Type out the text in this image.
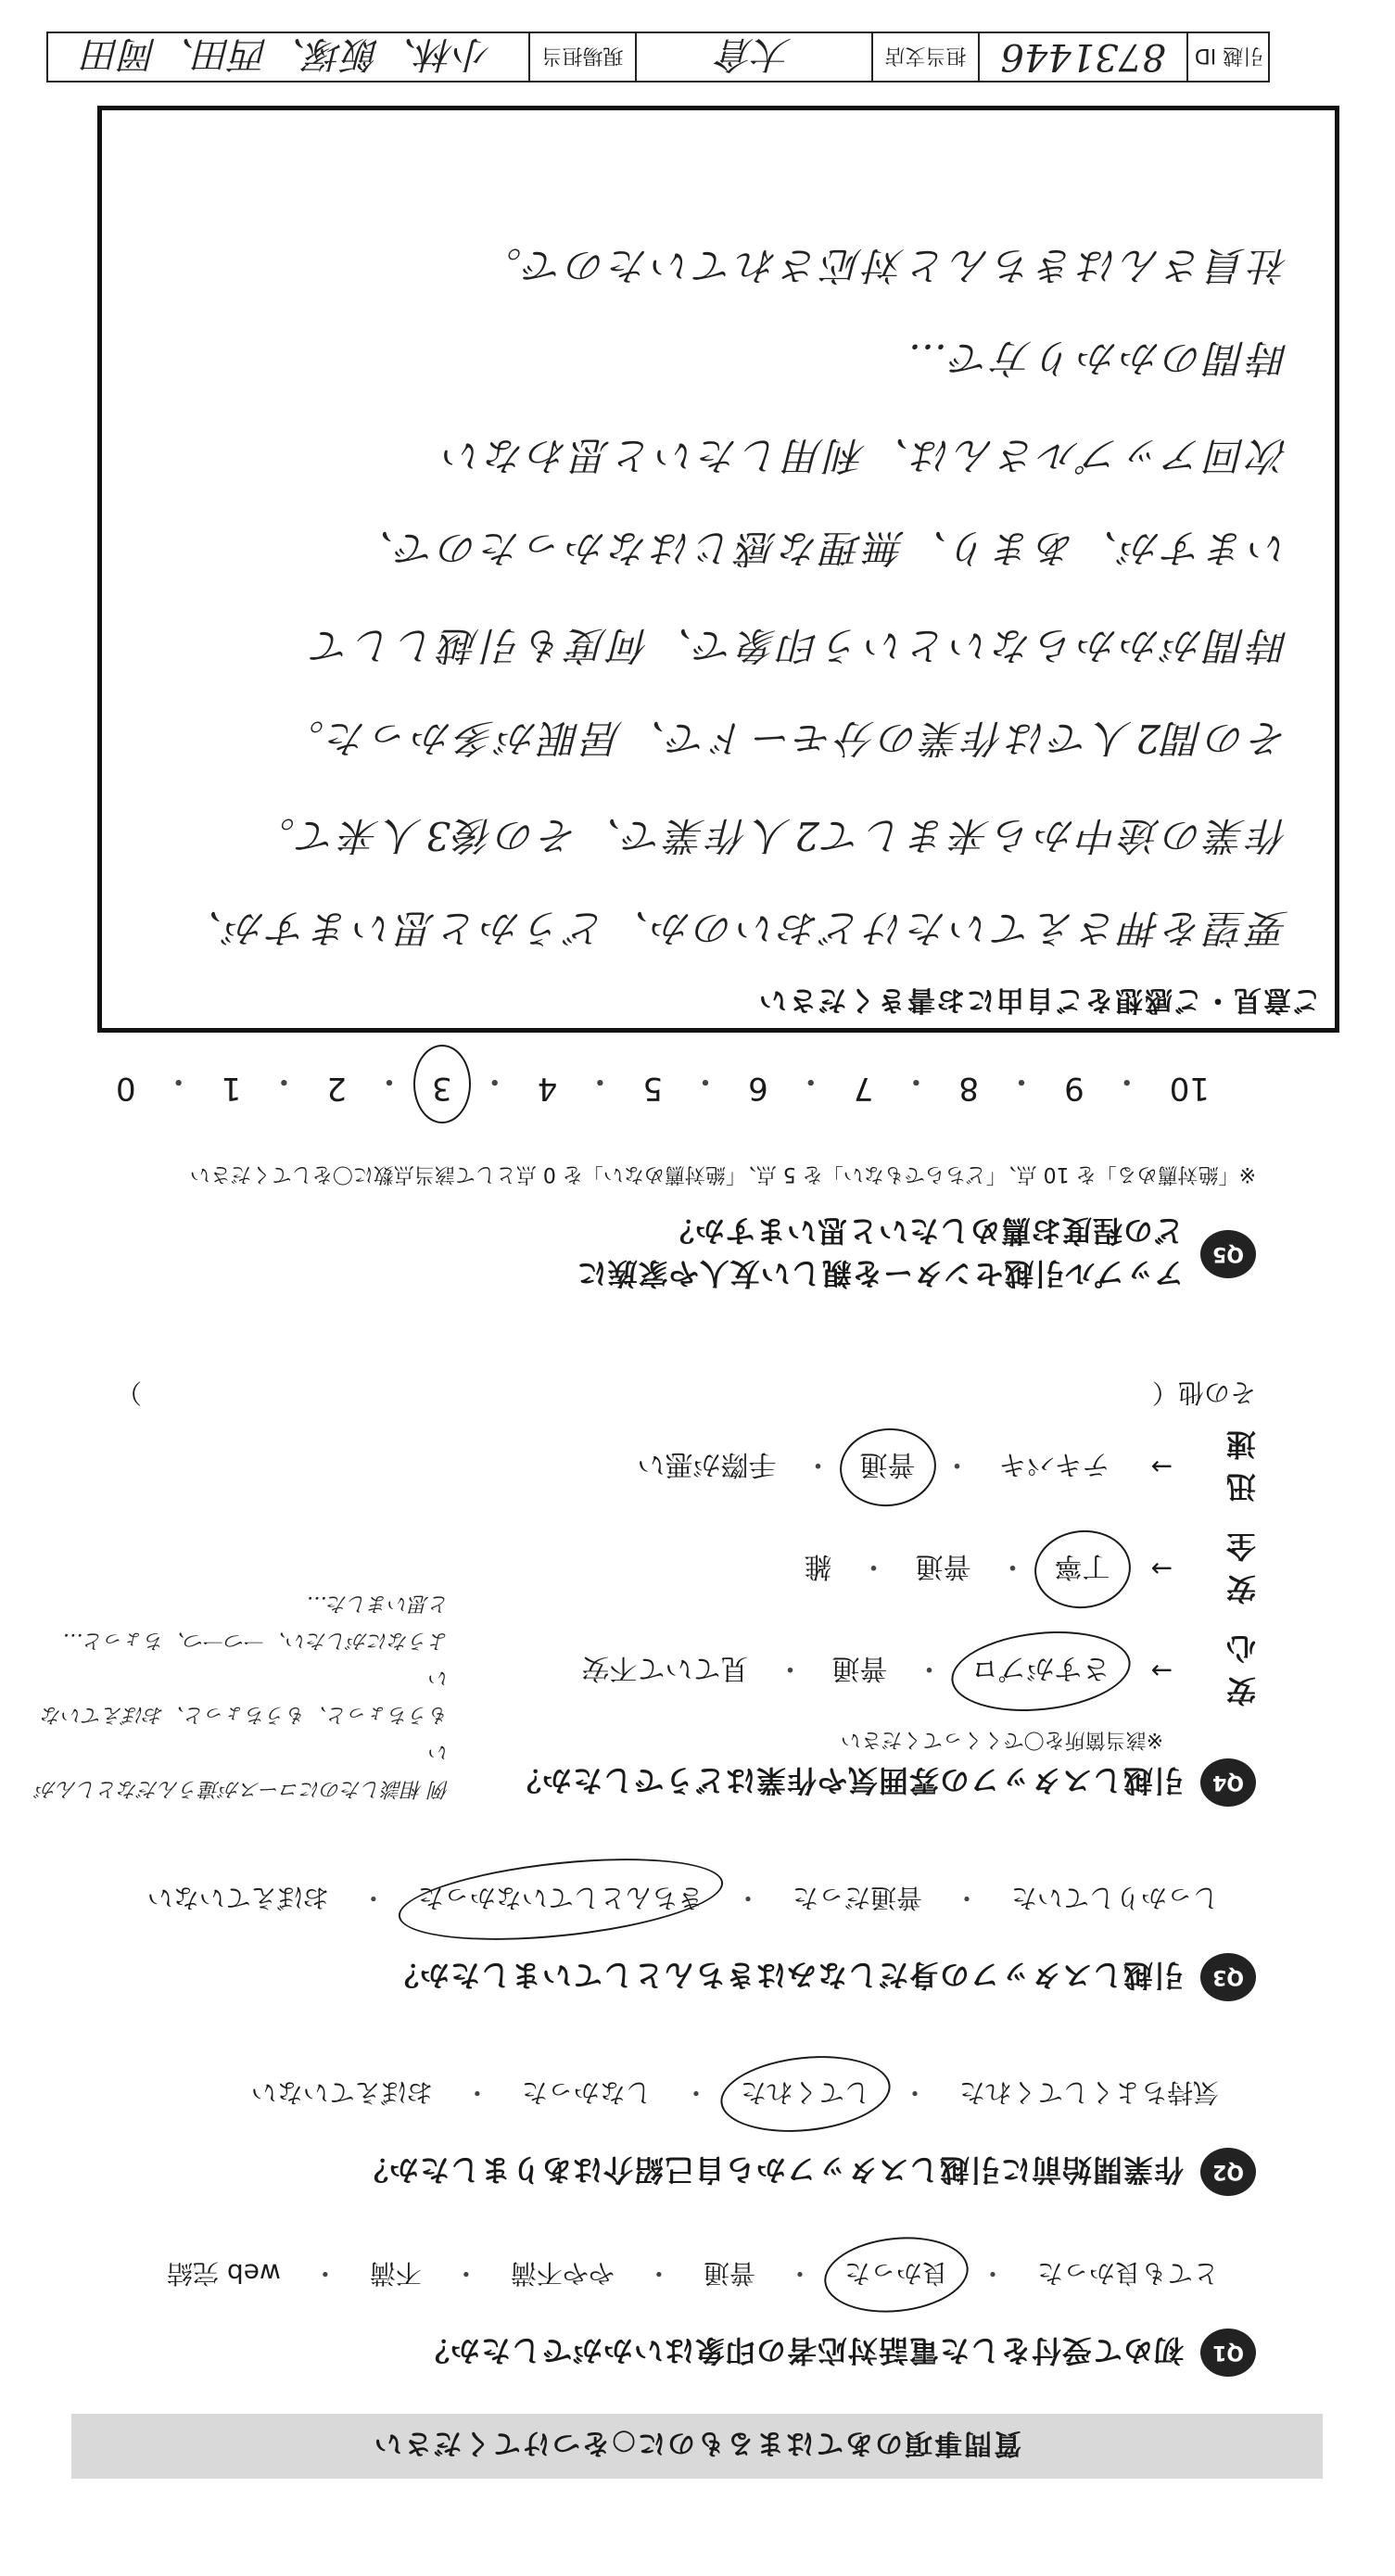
質問事項のあてはまるものに○をつけてください
Q1
初めて受付をした電話対応者の印象はいかがでしたか？
とても良かった
・
良かった
・
普通
・
やや不満
・
不満
・
web 完結
Q2
作業開始前に引越しスタッフから自己紹介はありましたか？
気持ちよくしてくれた
・
してくれた
・
しなかった
・
おぼえていない
Q3
引越しスタッフの身だしなみはきちんとしていましたか？
しっかりしていた
・
普通だった
・
きちんとしていなかった
・
おぼえていない
Q4
引越しスタッフの雰囲気や作業はどうでしたか？
※該当箇所を〇でくくってください
安心
→
さすがプロ
・
普通
・
見ていて不安
安全
→
丁寧
・
普通
・
雑
迅速
→
テキパキ
・
普通
・
手際が悪い
その他（
）
例 相談したのにコースが違うんだなとしんがい
もうちょっと、もうちょっと、おぼえていない
ようなにがしたい、一つ一つ、ちょっと…
と思いました…
Q5
アップル引越センターを親しい友人や家族に
どの程度お薦めしたいと思いますか？
※「絶対薦める」を 10 点、「どちらでもない」を 5 点、「絶対薦めない」を 0 点として該当点数に〇をしてください
10
・
9
・
8
・
7
・
6
・
5
・
4
・
3
・
2
・
1
・
0
ご意見・ご感想をご自由にお書きください
要望を押さえていたけどおいのか、どうかと思いますが、
作業の途中から来まして2人作業で、その後3人来て。
その間2人では作業の分モードで、居眠が多かった。
時間がかからないという印象で、何度も引越しして
いますが、あまり、無理な感じはなかったので、
次回アップルさんは、利用したいと思わない
時間のかかり方で…
社員さんはきちんと対応されていたので。
引越 ID
8731446
担当支店
大倉
現場担当
小林、飯塚、西田、岡田
